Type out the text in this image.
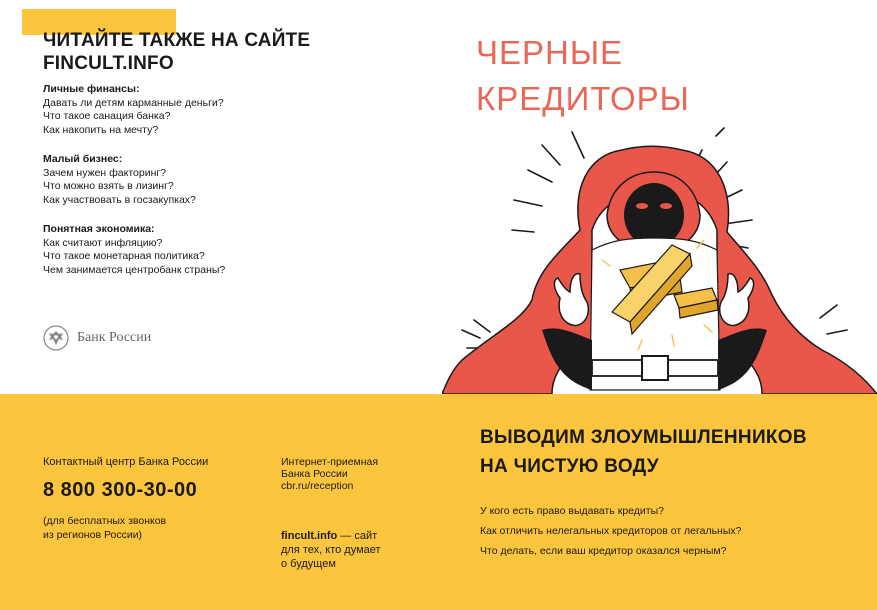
ЧИТАЙТЕ ТАКЖЕ НА САЙТЕ
FINCULT.INFO
Личные финансы:
Давать ли детям карманные деньги?
Что такое санация банка?
Как накопить на мечту?
Малый бизнес:
Зачем нужен факторинг?
Что можно взять в лизинг?
Как участвовать в госзакупках?
Понятная экономика:
Как считают инфляцию?
Что такое монетарная политика?
Чем занимается центробанк страны?
Банк России
ЧЕРНЫЕ
КРЕДИТОРЫ
Контактный центр Банка России
8 800 300-30-00
(для бесплатных звонков
из регионов России)
Интернет-приемная
Банка России
cbr.ru/reception
fincult.info — сайт
для тех, кто думает
о будущем
ВЫВОДИМ ЗЛОУМЫШЛЕННИКОВ
НА ЧИСТУЮ ВОДУ
У кого есть право выдавать кредиты?
Как отличить нелегальных кредиторов от легальных?
Что делать, если ваш кредитор оказался черным?
